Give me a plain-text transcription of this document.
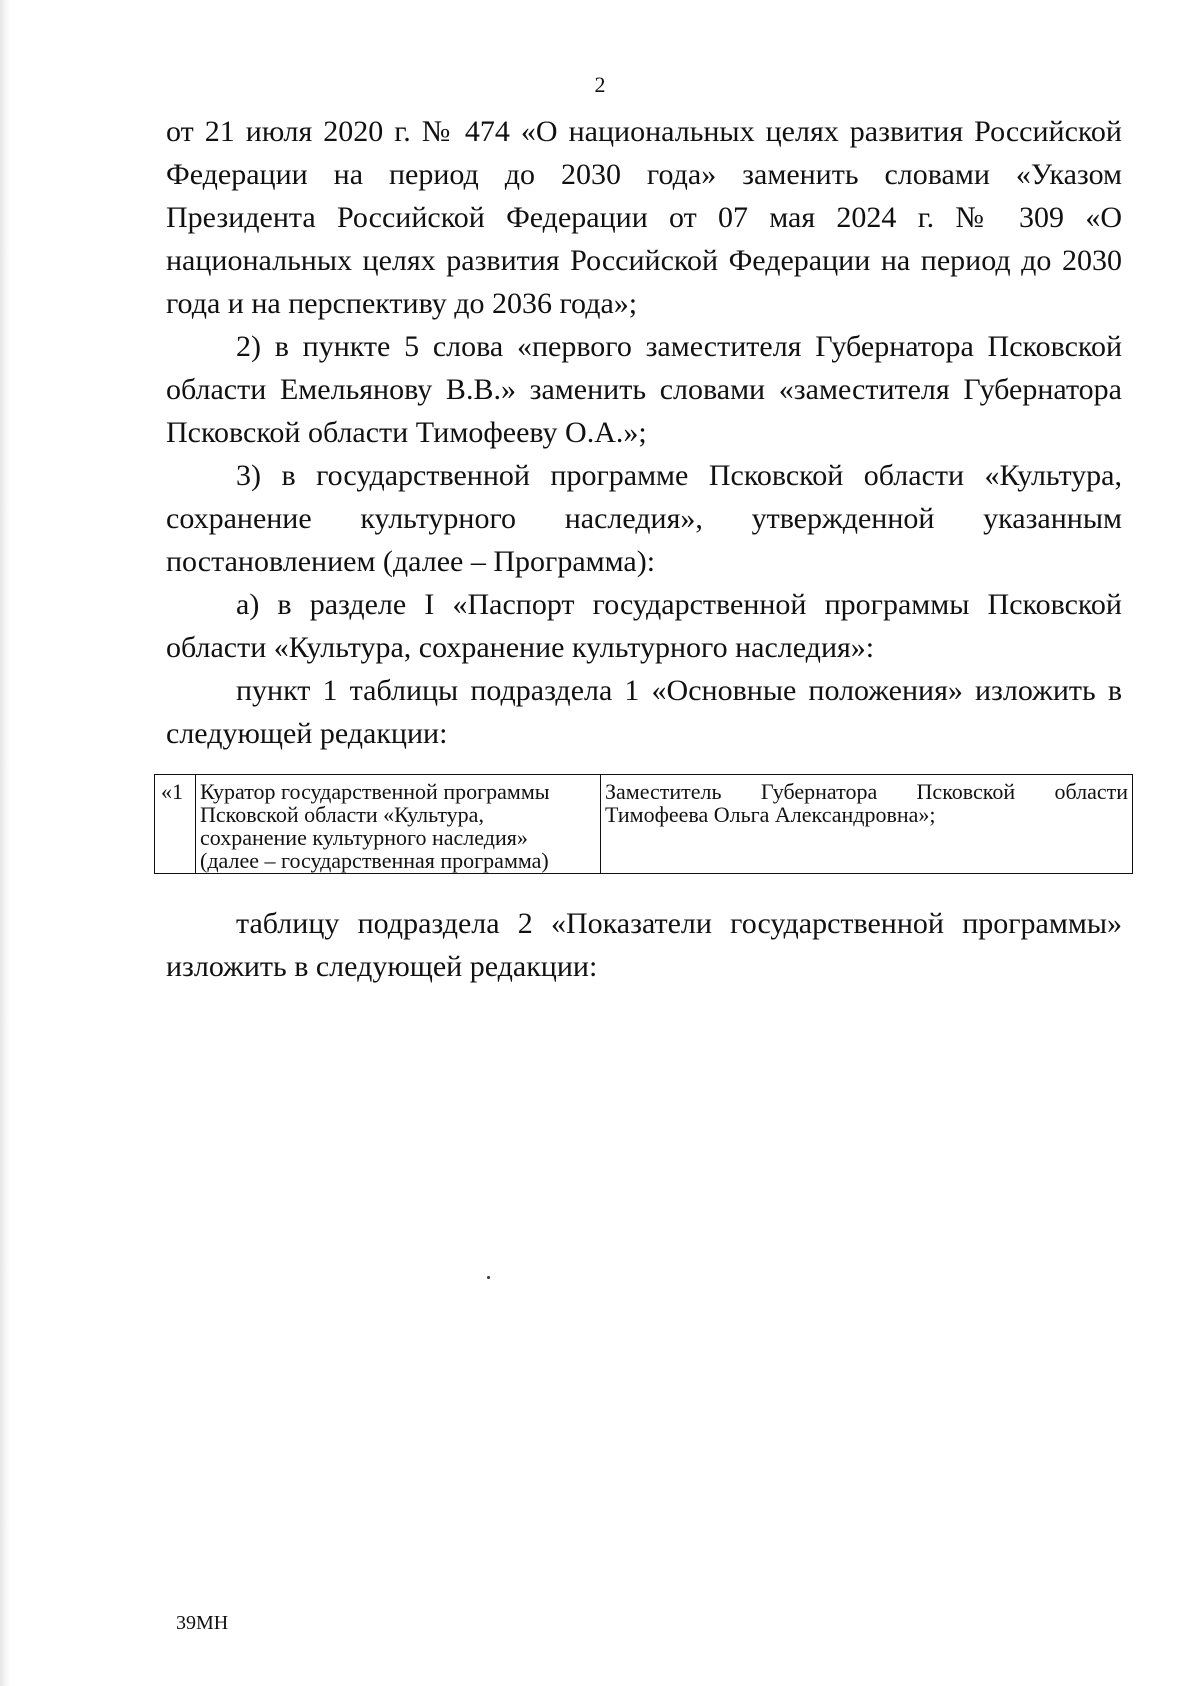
2

от 21 июля 2020 г. № 474 «О национальных целях развития Российской Федерации на период до 2030 года» заменить словами «Указом Президента Российской Федерации от 07 мая 2024 г. № 309 «О национальных целях развития Российской Федерации на период до 2030 года и на перспективу до 2036 года»;

2) в пункте 5 слова «первого заместителя Губернатора Псковской области Емельянову В.В.» заменить словами «заместителя Губернатора Псковской области Тимофееву О.А.»;

3) в государственной программе Псковской области «Культура, сохранение культурного наследия», утвержденной указанным постановлением (далее – Программа):

а) в разделе I «Паспорт государственной программы Псковской области «Культура, сохранение культурного наследия»:

пункт 1 таблицы подраздела 1 «Основные положения» изложить в следующей редакции:

«1	Куратор государственной программы
Псковской области «Культура,
сохранение культурного наследия»
(далее – государственная программа)
	Заместитель Губернатора Псковской области Тимофеева Ольга Александровна»;

таблицу подраздела 2 «Показатели государственной программы» изложить в следующей редакции:

39МН
